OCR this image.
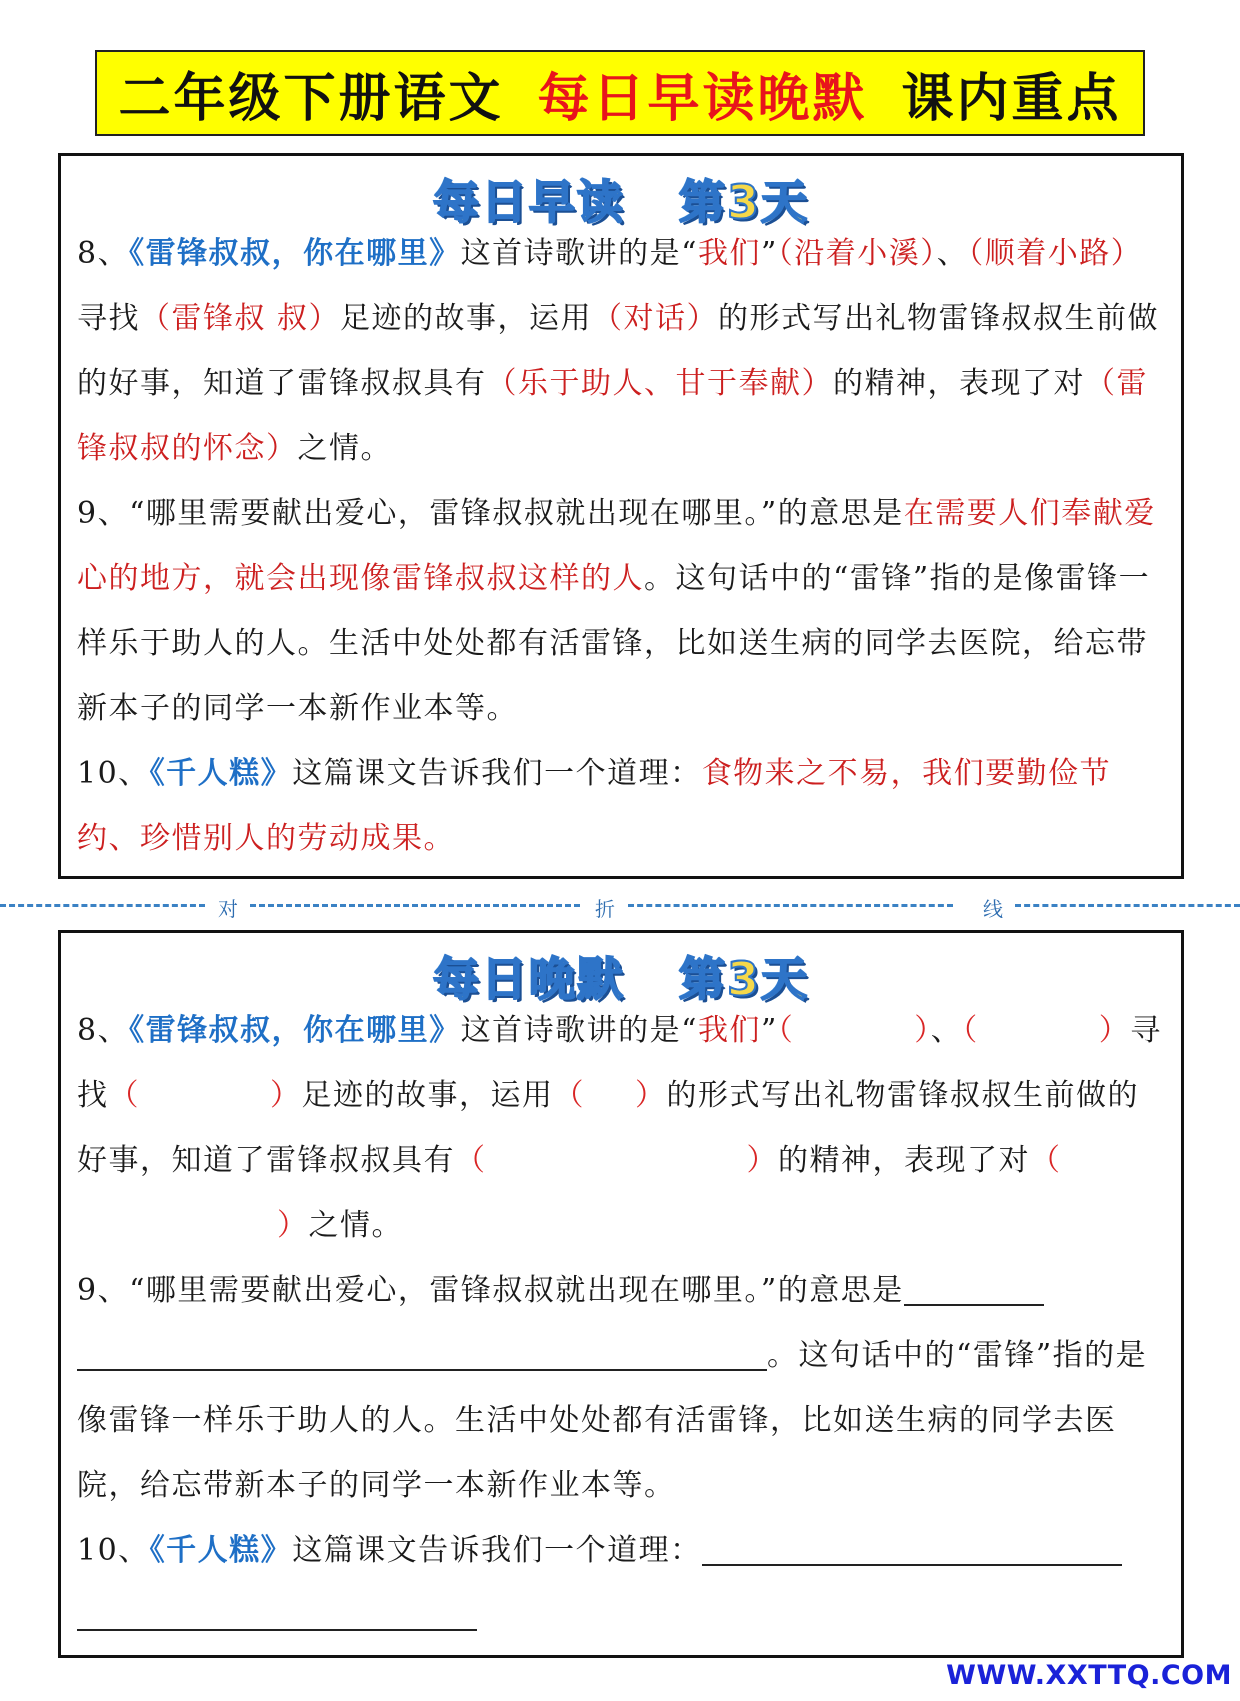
二年级下册语文 每日早读晚默 课内重点
每日早读 第3天

8、《雷锋叔叔，你在哪里》这首诗歌讲的是“我们”（沿着小溪）、（顺着小路）寻找（雷锋叔 叔）足迹的故事，运用（对话）的形式写出礼物雷锋叔叔生前做的好事，知道了雷锋叔叔具有（乐于助人、甘于奉献）的精神，表现了对（雷锋叔叔的怀念）之情。

9、“哪里需要献出爱心，雷锋叔叔就出现在哪里。”的意思是在需要人们奉献爱心的地方，就会出现像雷锋叔叔这样的人。这句话中的“雷锋”指的是像雷锋一样乐于助人的人。生活中处处都有活雷锋，比如送生病的同学去医院，给忘带新本子的同学一本新作业本等。

10、《千人糕》这篇课文告诉我们一个道理：食物来之不易，我们要勤俭节约、珍惜别人的劳动成果。

对	折	线
每日晚默 第3天

8、《雷锋叔叔，你在哪里》这首诗歌讲的是“我们”（	）、（	）寻找（	）足迹的故事，运用（ ）的形式写出礼物雷锋叔叔生前做的好事，知道了雷锋叔叔具有（	）的精神，表现了对（）之情。

9、“哪里需要献出爱心，雷锋叔叔就出现在哪里。”的意思是。这句话中的“雷锋”指的是像雷锋一样乐于助人的人。生活中处处都有活雷锋，比如送生病的同学去医院，给忘带新本子的同学一本新作业本等。

10、《千人糕》这篇课文告诉我们一个道理：

WWW.XXTTQ.COM
